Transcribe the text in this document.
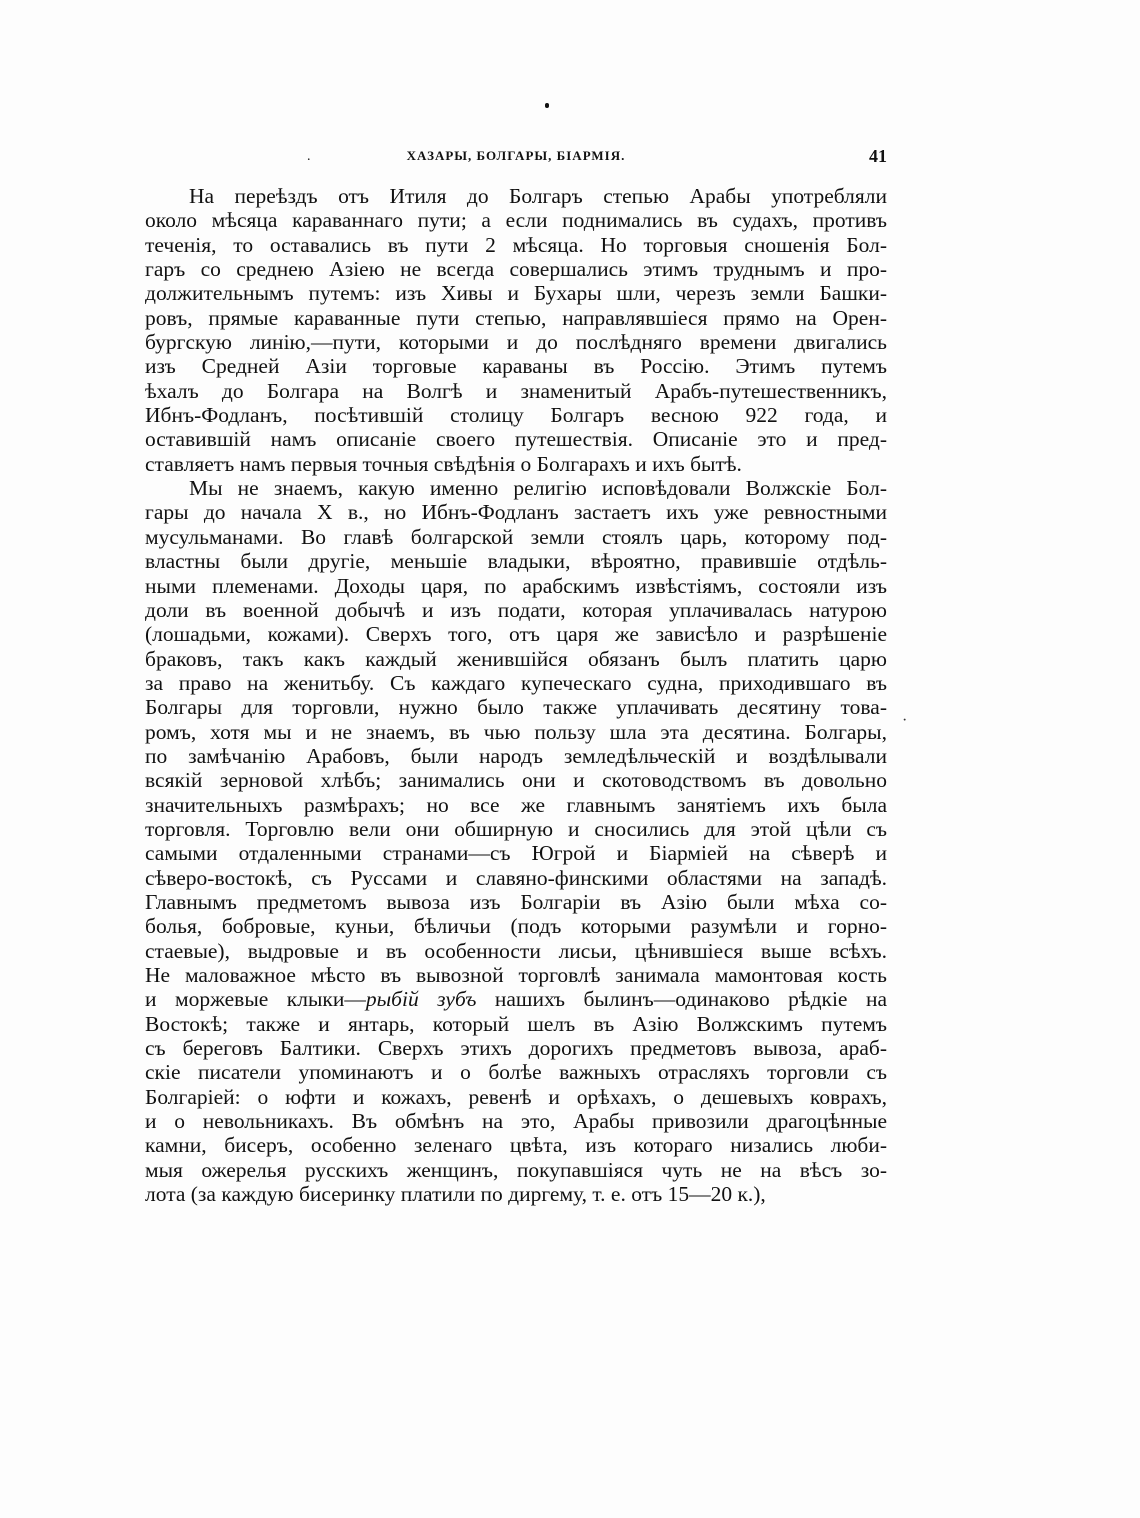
.	ХАЗАРЫ, БОЛГАРЫ, БІАРМІЯ.	41
На переѣздъ отъ Итиля до Болгаръ степью Арабы употребляли
около мѣсяца караваннаго пути; а если поднимались въ судахъ, противъ
теченія, то оставались въ пути 2 мѣсяца. Но торговыя сношенія Бол-
гаръ со среднею Азіею не всегда совершались этимъ труднымъ и про-
должительнымъ путемъ: изъ Хивы и Бухары шли, черезъ земли Башки-
ровъ, прямые караванные пути степью, направлявшіеся прямо на Орен-
бургскую линію,—пути, которыми и до послѣдняго времени двигались
изъ Средней Азіи торговые караваны въ Россію. Этимъ путемъ
ѣхалъ до Болгара на Волгѣ и знаменитый Арабъ-путешественникъ,
Ибнъ-Фодланъ, посѣтившій столицу Болгаръ весною 922 года, и
оставившій намъ описаніе своего путешествія. Описаніе это и пред-
ставляетъ намъ первыя точныя свѣдѣнія о Болгарахъ и ихъ бытѣ.
Мы не знаемъ, какую именно религію исповѣдовали Волжскіе Бол-
гары до начала X в., но Ибнъ-Фодланъ застаетъ ихъ уже ревностными
мусульманами. Во главѣ болгарской земли стоялъ царь, которому под-
властны были другіе, меньшіе владыки, вѣроятно, правившіе отдѣль-
ными племенами. Доходы царя, по арабскимъ извѣстіямъ, состояли изъ
доли въ военной добычѣ и изъ подати, которая уплачивалась натурою
(лошадьми, кожами). Сверхъ того, отъ царя же зависѣло и разрѣшеніе
браковъ, такъ какъ каждый женившійся обязанъ былъ платить царю
за право на женитьбу. Съ каждаго купеческаго судна, приходившаго въ
Болгары для торговли, нужно было также уплачивать десятину това-
ромъ, хотя мы и не знаемъ, въ чью пользу шла эта десятина. Болгары,
по замѣчанію Арабовъ, были народъ земледѣльческій и воздѣлывали
всякій зерновой хлѣбъ; занимались они и скотоводствомъ въ довольно
значительныхъ размѣрахъ; но все же главнымъ занятіемъ ихъ была
торговля. Торговлю вели они обширную и сносились для этой цѣли съ
самыми отдаленными странами—съ Югрой и Біарміей на сѣверѣ и
сѣверо-востокѣ, съ Руссами и славяно-финскими областями на западѣ.
Главнымъ предметомъ вывоза изъ Болгаріи въ Азію были мѣха со-
болья, бобровые, куньи, бѣличьи (подъ которыми разумѣли и горно-
стаевые), выдровые и въ особенности лисьи, цѣнившіеся выше всѣхъ.
Не маловажное мѣсто въ вывозной торговлѣ занимала мамонтовая кость
и моржевые клыки—рыбій зубъ нашихъ былинъ—одинаково рѣдкіе на
Востокѣ; также и янтарь, который шелъ въ Азію Волжскимъ путемъ
съ береговъ Балтики. Сверхъ этихъ дорогихъ предметовъ вывоза, араб-
скіе писатели упоминаютъ и о болѣе важныхъ отрасляхъ торговли съ
Болгаріей: о юфти и кожахъ, ревенѣ и орѣхахъ, о дешевыхъ коврахъ,
и о невольникахъ. Въ обмѣнъ на это, Арабы привозили драгоцѣнные
камни, бисеръ, особенно зеленаго цвѣта, изъ котораго низались люби-
мыя ожерелья русскихъ женщинъ, покупавшіяся чуть не на вѣсъ зо-
лота (за каждую бисеринку платили по диргему, т. е. отъ 15—20 к.),
·
